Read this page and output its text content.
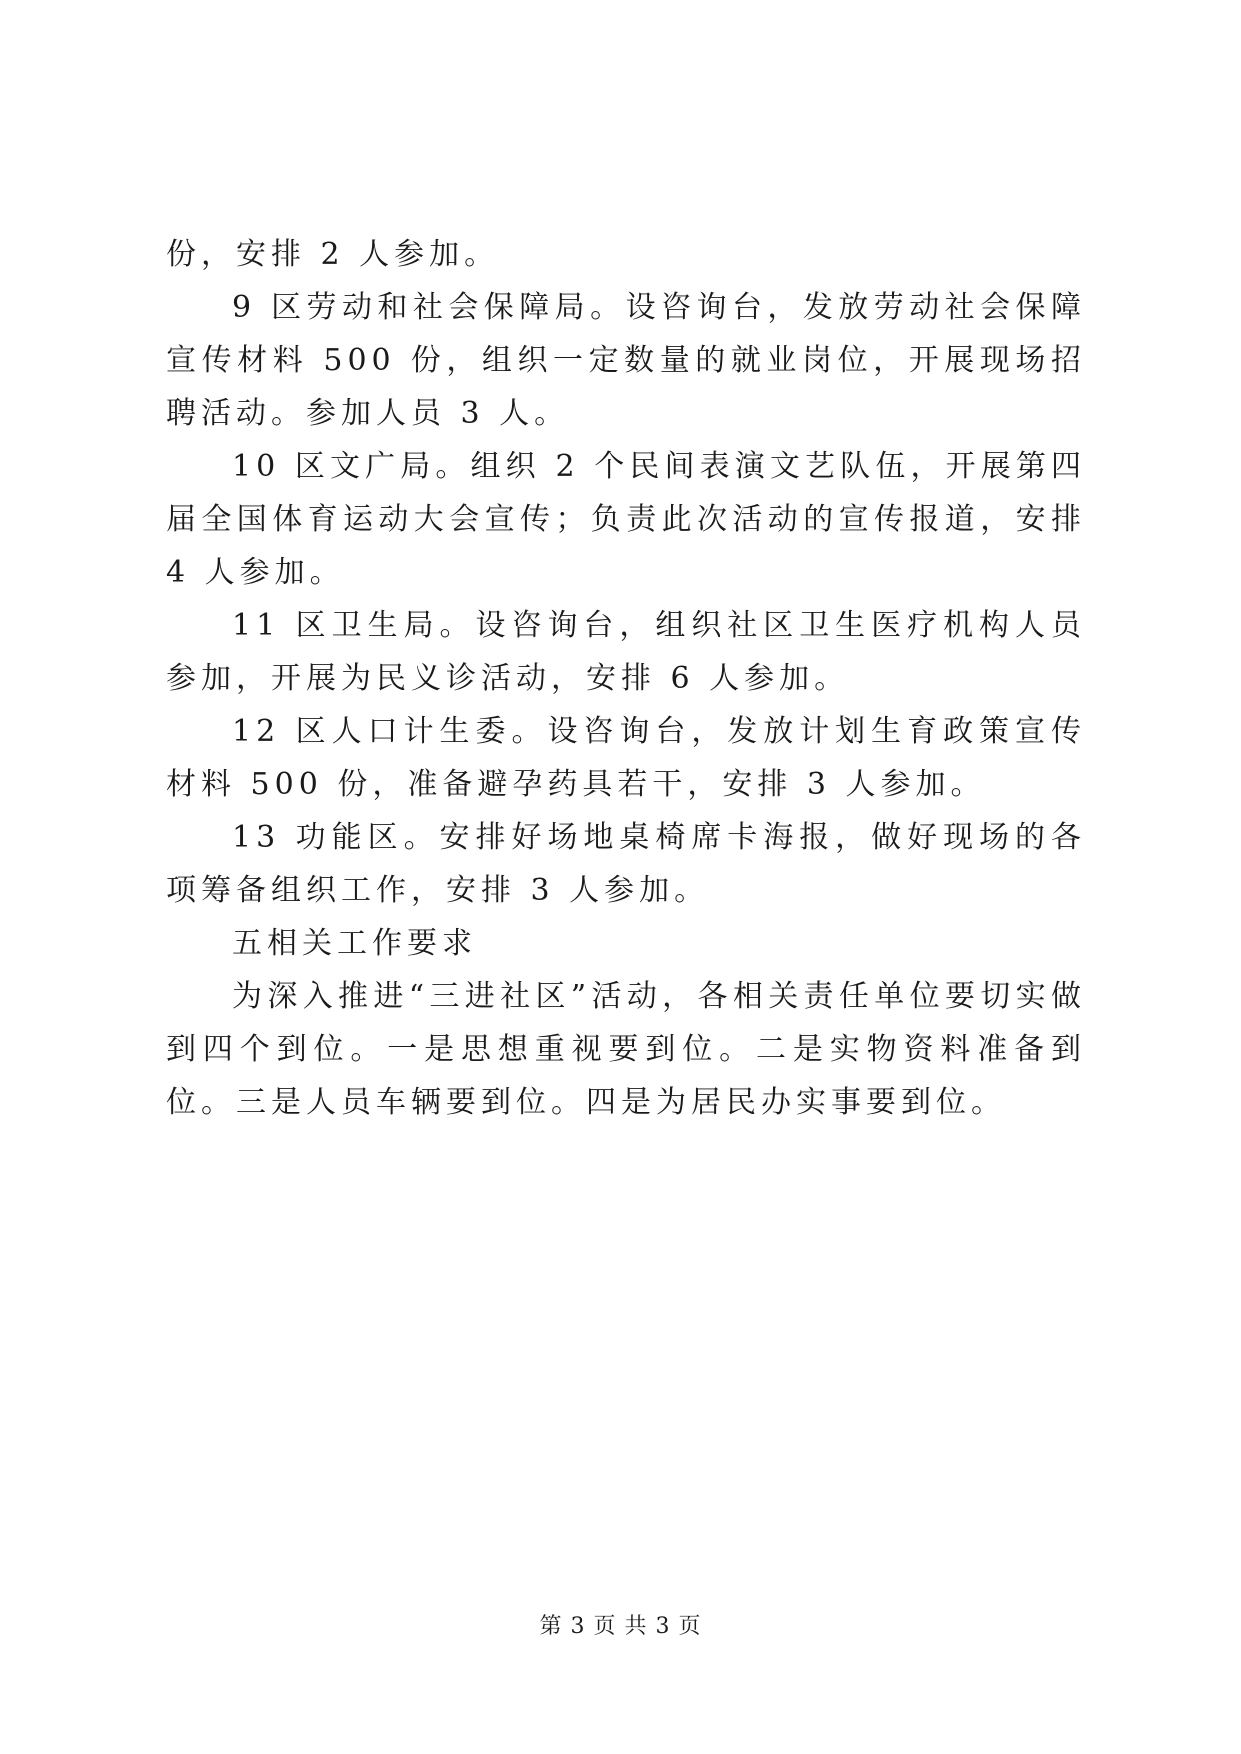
份，安排 2 人参加。

9 区劳动和社会保障局。设咨询台，发放劳动社会保障宣传材料 500 份，组织一定数量的就业岗位，开展现场招聘活动。参加人员 3 人。

10 区文广局。组织 2 个民间表演文艺队伍，开展第四届全国体育运动大会宣传；负责此次活动的宣传报道，安排 4 人参加。

11 区卫生局。设咨询台，组织社区卫生医疗机构人员参加，开展为民义诊活动，安排 6 人参加。

12 区人口计生委。设咨询台，发放计划生育政策宣传材料 500 份，准备避孕药具若干，安排 3 人参加。

13 功能区。安排好场地桌椅席卡海报，做好现场的各项筹备组织工作，安排 3 人参加。

五相关工作要求

为深入推进“三进社区”活动，各相关责任单位要切实做到四个到位。一是思想重视要到位。二是实物资料准备到位。三是人员车辆要到位。四是为居民办实事要到位。

第 3 页 共 3 页
